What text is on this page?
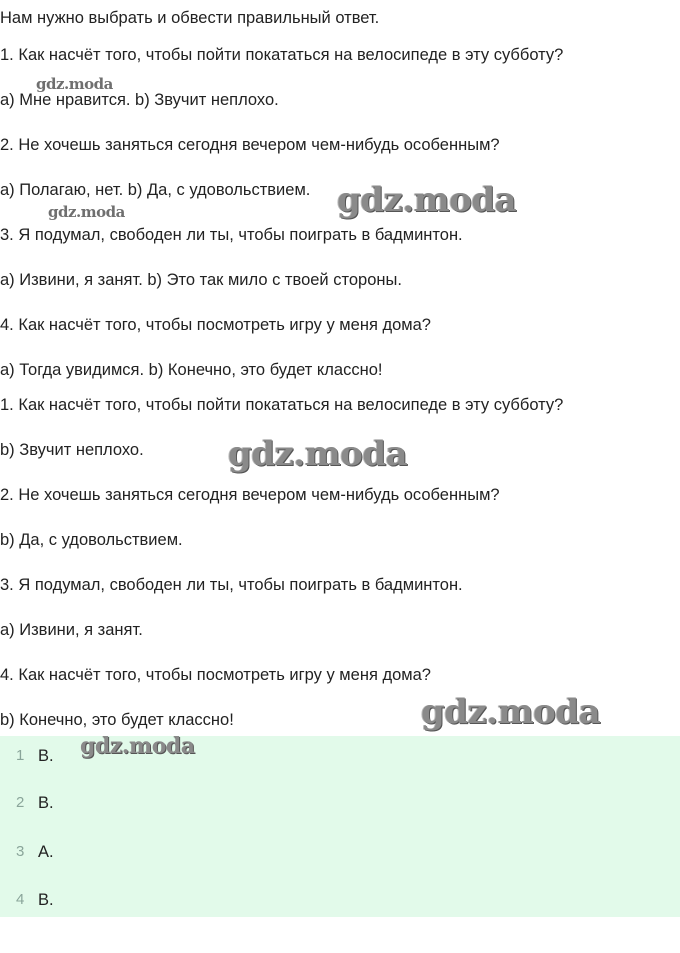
Нам нужно выбрать и обвести правильный ответ.
1. Как насчёт того, чтобы пойти покататься на велосипеде в эту субботу?
a) Мне нравится. b) Звучит неплохо.
2. Не хочешь заняться сегодня вечером чем-нибудь особенным?
a) Полагаю, нет. b) Да, с удовольствием.
3. Я подумал, свободен ли ты, чтобы поиграть в бадминтон.
a) Извини, я занят. b) Это так мило с твоей стороны.
4. Как насчёт того, чтобы посмотреть игру у меня дома?
a) Тогда увидимся. b) Конечно, это будет классно!
1. Как насчёт того, чтобы пойти покататься на велосипеде в эту субботу?
b) Звучит неплохо.
2. Не хочешь заняться сегодня вечером чем-нибудь особенным?
b) Да, с удовольствием.
3. Я подумал, свободен ли ты, чтобы поиграть в бадминтон.
a) Извини, я занят.
4. Как насчёт того, чтобы посмотреть игру у меня дома?
b) Конечно, это будет классно!
1 B.
2 B.
3 A.
4 B.
gdz.moda
gdz.moda	gdz.moda
gdz.moda
gdz.moda
gdz.moda
